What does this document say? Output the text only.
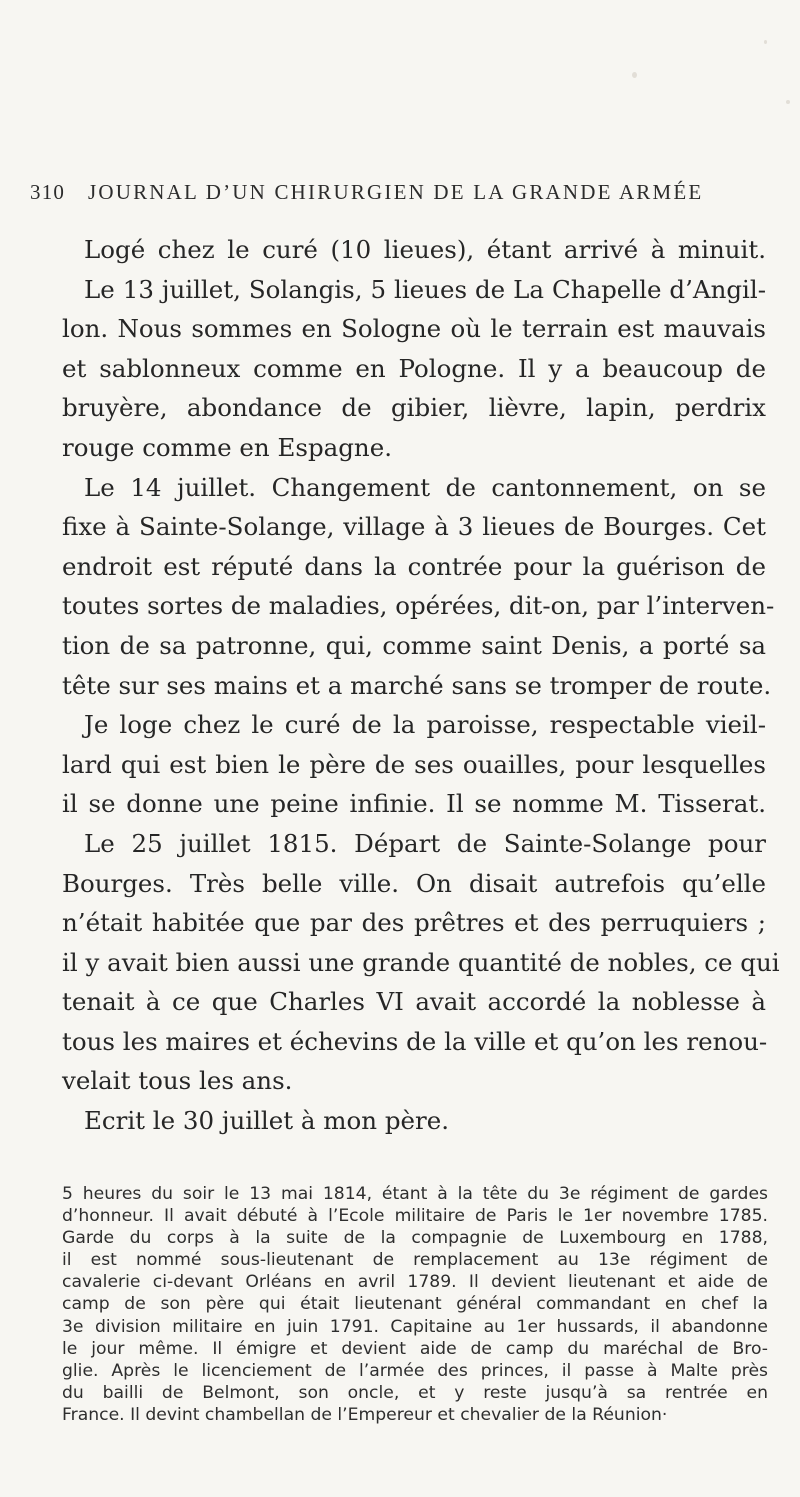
310 JOURNAL D’UN CHIRURGIEN DE LA GRANDE ARMÉE
Logé chez le curé (10 lieues), étant arrivé à minuit.
Le 13 juillet, Solangis, 5 lieues de La Chapelle d’Angil-
lon. Nous sommes en Sologne où le terrain est mauvais
et sablonneux comme en Pologne. Il y a beaucoup de
bruyère, abondance de gibier, lièvre, lapin, perdrix
rouge comme en Espagne.
Le 14 juillet. Changement de cantonnement, on se
fixe à Sainte-Solange, village à 3 lieues de Bourges. Cet
endroit est réputé dans la contrée pour la guérison de
toutes sortes de maladies, opérées, dit-on, par l’interven-
tion de sa patronne, qui, comme saint Denis, a porté sa
tête sur ses mains et a marché sans se tromper de route.
Je loge chez le curé de la paroisse, respectable vieil-
lard qui est bien le père de ses ouailles, pour lesquelles
il se donne une peine infinie. Il se nomme M. Tisserat.
Le 25 juillet 1815. Départ de Sainte-Solange pour
Bourges. Très belle ville. On disait autrefois qu’elle
n’était habitée que par des prêtres et des perruquiers ;
il y avait bien aussi une grande quantité de nobles, ce qui
tenait à ce que Charles VI avait accordé la noblesse à
tous les maires et échevins de la ville et qu’on les renou-
velait tous les ans.
Ecrit le 30 juillet à mon père.
5 heures du soir le 13 mai 1814, étant à la tête du 3e régiment de gardes
d’honneur. Il avait débuté à l’Ecole militaire de Paris le 1er novembre 1785.
Garde du corps à la suite de la compagnie de Luxembourg en 1788,
il est nommé sous-lieutenant de remplacement au 13e régiment de
cavalerie ci-devant Orléans en avril 1789. Il devient lieutenant et aide de
camp de son père qui était lieutenant général commandant en chef la
3e division militaire en juin 1791. Capitaine au 1er hussards, il abandonne
le jour même. Il émigre et devient aide de camp du maréchal de Bro-
glie. Après le licenciement de l’armée des princes, il passe à Malte près
du bailli de Belmont, son oncle, et y reste jusqu’à sa rentrée en
France. Il devint chambellan de l’Empereur et chevalier de la Réunion·
